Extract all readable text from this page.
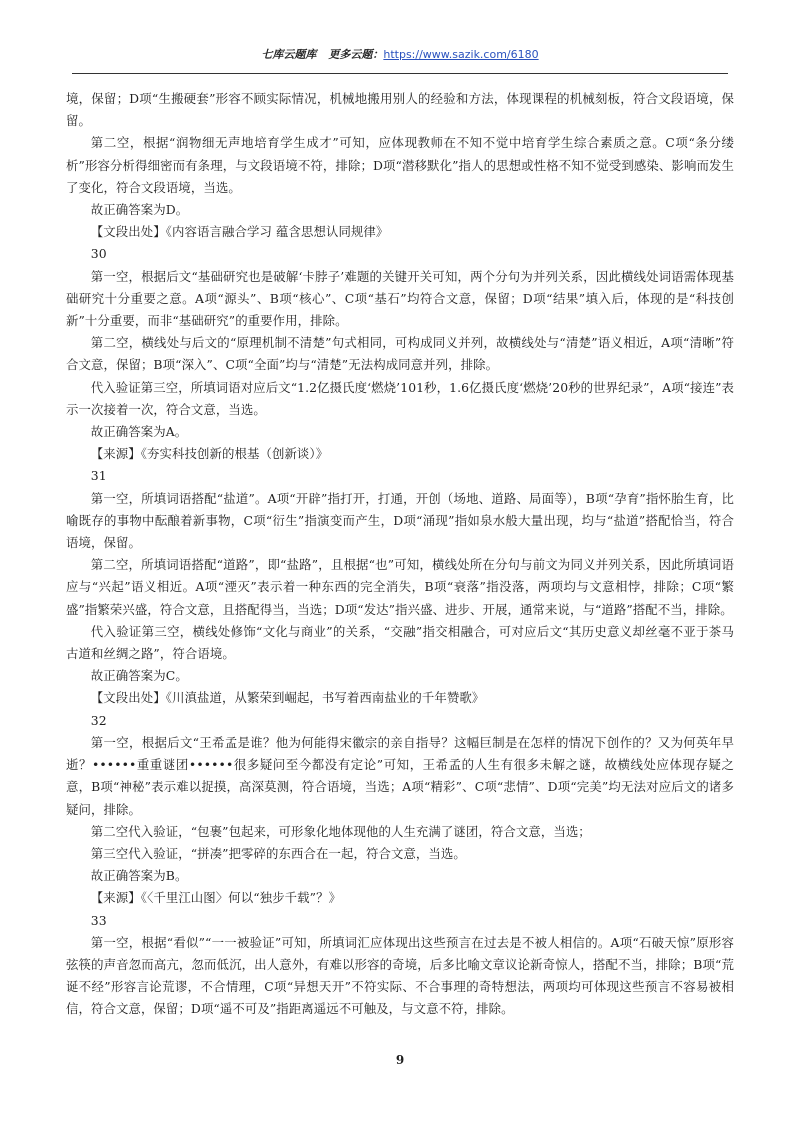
七库云题库 更多云题：https://www.sazik.com/6180

境，保留；D项“生搬硬套”形容不顾实际情况，机械地搬用别人的经验和方法，体现课程的机械刻板，符合文段语境，保留。

第二空，根据“润物细无声地培育学生成才”可知，应体现教师在不知不觉中培育学生综合素质之意。C项“条分缕析”形容分析得细密而有条理，与文段语境不符，排除；D项“潜移默化”指人的思想或性格不知不觉受到感染、影响而发生了变化，符合文段语境，当选。

故正确答案为D。

【文段出处】《内容语言融合学习 蕴含思想认同规律》

30

第一空，根据后文“基础研究也是破解‘卡脖子’难题的关键开关可知，两个分句为并列关系，因此横线处词语需体现基础研究十分重要之意。A项“源头”、B项“核心”、C项“基石”均符合文意，保留；D项“结果”填入后，体现的是“科技创新”十分重要，而非“基础研究”的重要作用，排除。

第二空，横线处与后文的“原理机制不清楚”句式相同，可构成同义并列，故横线处与“清楚”语义相近，A项“清晰”符合文意，保留；B项“深入”、C项“全面”均与“清楚”无法构成同意并列，排除。

代入验证第三空，所填词语对应后文“1.2亿摄氏度‘燃烧’101秒，1.6亿摄氏度‘燃烧’20秒的世界纪录”，A项“接连”表示一次接着一次，符合文意，当选。

故正确答案为A。

【来源】《夯实科技创新的根基（创新谈）》

31

第一空，所填词语搭配“盐道”。A项“开辟”指打开，打通，开创（场地、道路、局面等），B项“孕育”指怀胎生育，比喻既存的事物中酝酿着新事物，C项“衍生”指演变而产生，D项“涌现”指如泉水般大量出现，均与“盐道”搭配恰当，符合语境，保留。

第二空，所填词语搭配“道路”，即“盐路”，且根据“也”可知，横线处所在分句与前文为同义并列关系，因此所填词语应与“兴起”语义相近。A项“湮灭”表示着一种东西的完全消失，B项“衰落”指没落，两项均与文意相悖，排除；C项“繁盛”指繁荣兴盛，符合文意，且搭配得当，当选；D项“发达”指兴盛、进步、开展，通常来说，与“道路”搭配不当，排除。

代入验证第三空，横线处修饰“文化与商业”的关系，“交融”指交相融合，可对应后文“其历史意义却丝毫不亚于茶马古道和丝绸之路”，符合语境。

故正确答案为C。

【文段出处】《川滇盐道，从繁荣到崛起，书写着西南盐业的千年赞歌》

32

第一空，根据后文“王希孟是谁？他为何能得宋徽宗的亲自指导？这幅巨制是在怎样的情况下创作的？又为何英年早逝？••••••重重谜团••••••很多疑问至今都没有定论”可知，王希孟的人生有很多未解之谜，故横线处应体现存疑之意，B项“神秘”表示难以捉摸，高深莫测，符合语境，当选；A项“精彩”、C项“悲情”、D项“完美”均无法对应后文的诸多疑问，排除。

第二空代入验证，“包裹”包起来，可形象化地体现他的人生充满了谜团，符合文意，当选；

第三空代入验证，“拼凑”把零碎的东西合在一起，符合文意，当选。

故正确答案为B。

【来源】《〈千里江山图〉何以“独步千载”？》

33

第一空，根据“看似”“一一被验证”可知，所填词汇应体现出这些预言在过去是不被人相信的。A项“石破天惊”原形容弦筷的声音忽而高亢，忽而低沉，出人意外，有难以形容的奇境，后多比喻文章议论新奇惊人，搭配不当，排除；B项“荒诞不经”形容言论荒谬，不合情理，C项“异想天开”不符实际、不合事理的奇特想法，两项均可体现这些预言不容易被相信，符合文意，保留；D项“遥不可及”指距离遥远不可触及，与文意不符，排除。

9
